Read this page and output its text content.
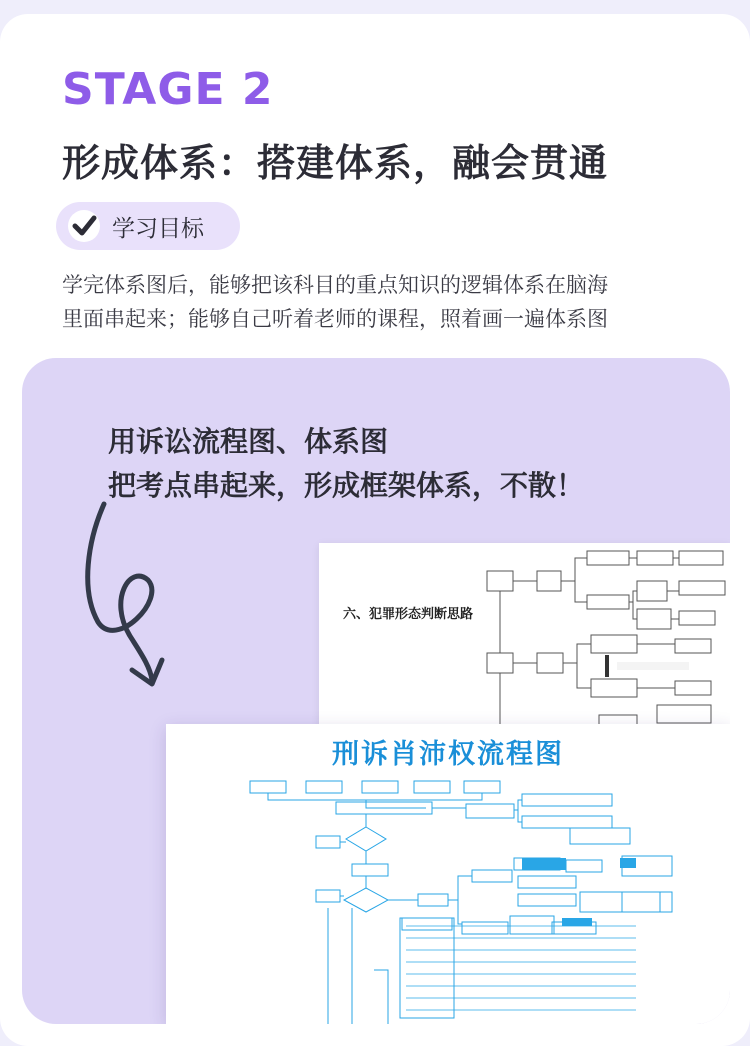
STAGE 2
形成体系：搭建体系，融会贯通
学习目标
学完体系图后，能够把该科目的重点知识的逻辑体系在脑海
里面串起来；能够自己听着老师的课程，照着画一遍体系图
用诉讼流程图、体系图
把考点串起来，形成框架体系，不散！
六、犯罪形态判断思路
刑诉肖沛权流程图
